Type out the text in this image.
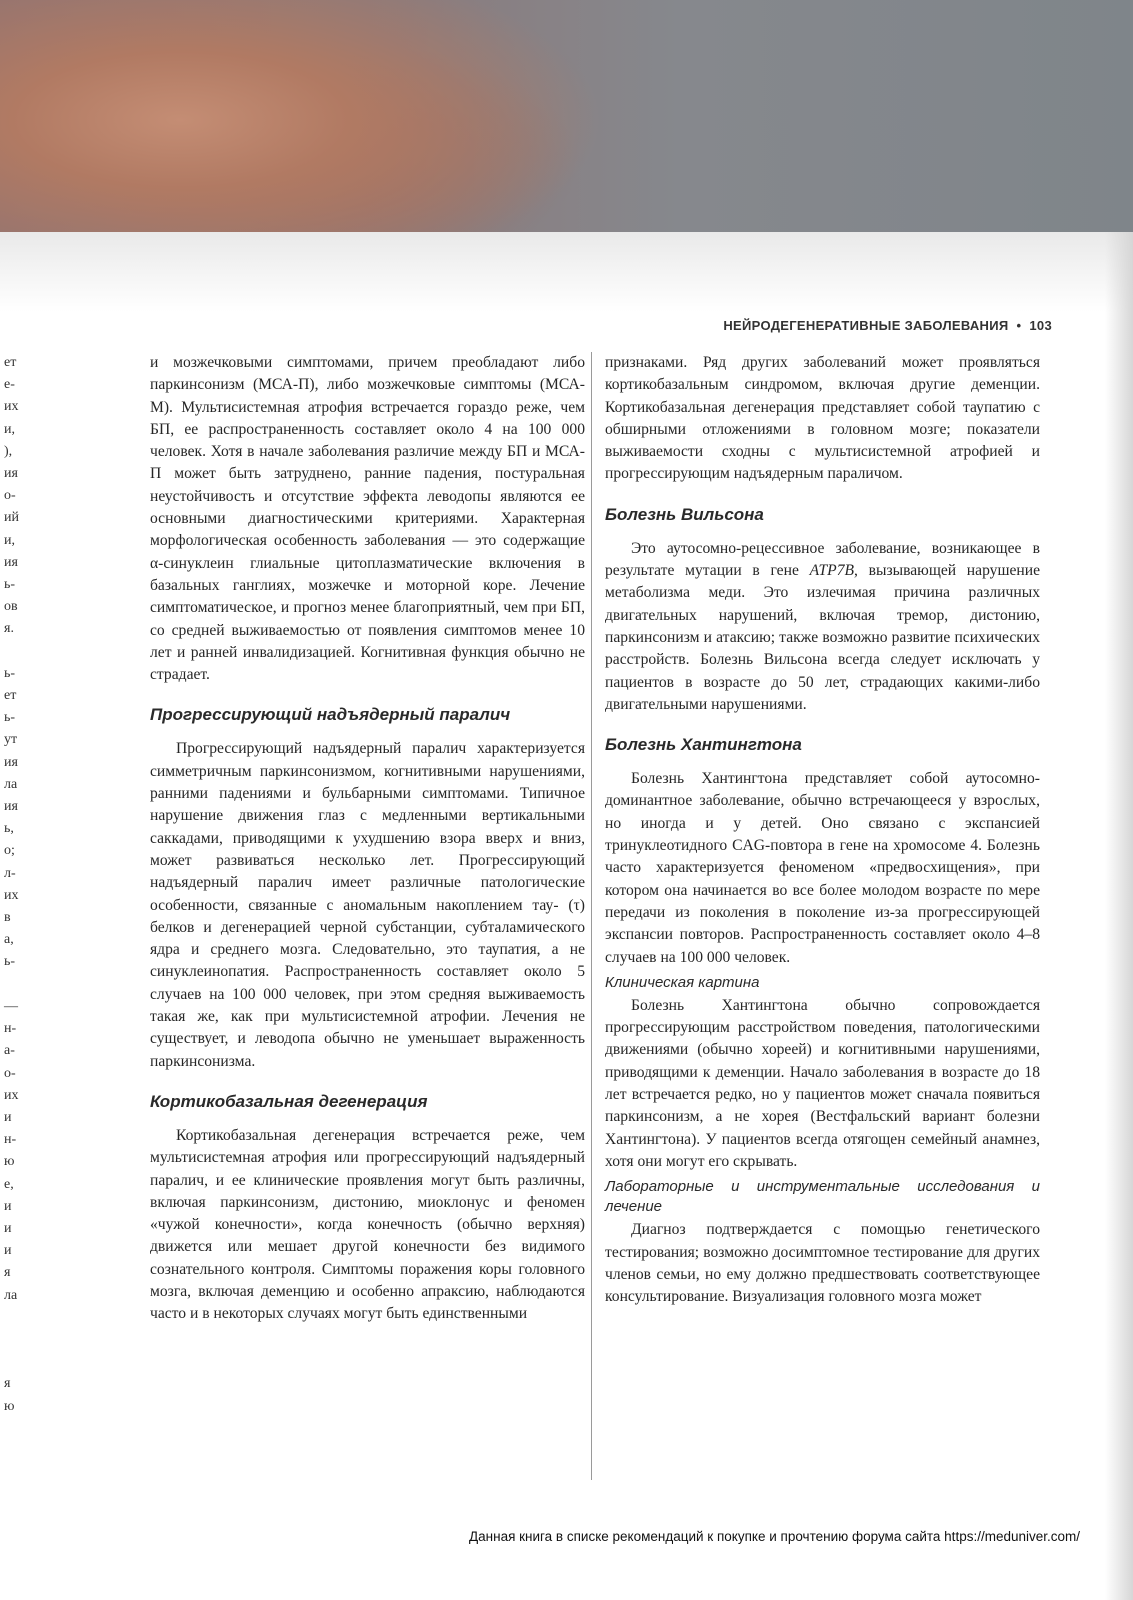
НЕЙРОДЕГЕНЕРАТИВНЫЕ ЗАБОЛЕВАНИЯ • 103
ет
е-
их
и,
),
ия
о-
ий
и,
ия
ь-
ов
я.

ь-
ет
ь-
ут
ия
ла
ия
ь,
о;
л-
их
в
а,
ь-

—
н-
а-
о-
их
и
н-
ю
е,
и
и
и
я
ла

я
ю

и мозжечковыми симптомами, причем преобладают либо паркинсонизм (МСА-П), либо мозжечковые симптомы (МСА-М). Мультисистемная атрофия встречается гораздо реже, чем БП, ее распространенность составляет около 4 на 100 000 человек. Хотя в начале заболевания различие между БП и МСА-П может быть затруднено, ранние падения, постуральная неустойчивость и отсутствие эффекта леводопы являются ее основными диагностическими критериями. Характерная морфологическая особенность заболевания — это содержащие α-синуклеин глиальные цитоплазматические включения в базальных ганглиях, мозжечке и моторной коре. Лечение симптоматическое, и прогноз менее благоприятный, чем при БП, со средней выживаемостью от появления симптомов менее 10 лет и ранней инвалидизацией. Когнитивная функция обычно не страдает.

Прогрессирующий надъядерный паралич

Прогрессирующий надъядерный паралич характеризуется симметричным паркинсонизмом, когнитивными нарушениями, ранними падениями и бульбарными симптомами. Типичное нарушение движения глаз с медленными вертикальными саккадами, приводящими к ухудшению взора вверх и вниз, может развиваться несколько лет. Прогрессирующий надъядерный паралич имеет различные патологические особенности, связанные с аномальным накоплением тау- (τ) белков и дегенерацией черной субстанции, субталамического ядра и среднего мозга. Следовательно, это таупатия, а не синуклеинопатия. Распространенность составляет около 5 случаев на 100 000 человек, при этом средняя выживаемость такая же, как при мультисистемной атрофии. Лечения не существует, и леводопа обычно не уменьшает выраженность паркинсонизма.

Кортикобазальная дегенерация

Кортикобазальная дегенерация встречается реже, чем мультисистемная атрофия или прогрессирующий надъядерный паралич, и ее клинические проявления могут быть различны, включая паркинсонизм, дистонию, миоклонус и феномен «чужой конечности», когда конечность (обычно верхняя) движется или мешает другой конечности без видимого сознательного контроля. Симптомы поражения коры головного мозга, включая деменцию и особенно апраксию, наблюдаются часто и в некоторых случаях могут быть единственными

признаками. Ряд других заболеваний может проявляться кортикобазальным синдромом, включая другие деменции. Кортикобазальная дегенерация представляет собой таупатию с обширными отложениями в головном мозге; показатели выживаемости сходны с мультисистемной атрофией и прогрессирующим надъядерным параличом.

Болезнь Вильсона

Это аутосомно-рецессивное заболевание, возникающее в результате мутации в гене ATP7B, вызывающей нарушение метаболизма меди. Это излечимая причина различных двигательных нарушений, включая тремор, дистонию, паркинсонизм и атаксию; также возможно развитие психических расстройств. Болезнь Вильсона всегда следует исключать у пациентов в возрасте до 50 лет, страдающих какими-либо двигательными нарушениями.

Болезнь Хантингтона

Болезнь Хантингтона представляет собой аутосомно-доминантное заболевание, обычно встречающееся у взрослых, но иногда и у детей. Оно связано с экспансией тринуклеотидного CAG-повтора в гене на хромосоме 4. Болезнь часто характеризуется феноменом «предвосхищения», при котором она начинается во все более молодом возрасте по мере передачи из поколения в поколение из-за прогрессирующей экспансии повторов. Распространенность составляет около 4–8 случаев на 100 000 человек.

Клиническая картина

Болезнь Хантингтона обычно сопровождается прогрессирующим расстройством поведения, патологическими движениями (обычно хореей) и когнитивными нарушениями, приводящими к деменции. Начало заболевания в возрасте до 18 лет встречается редко, но у пациентов может сначала появиться паркинсонизм, а не хорея (Вестфальский вариант болезни Хантингтона). У пациентов всегда отягощен семейный анамнез, хотя они могут его скрывать.

Лабораторные и инструментальные исследования и лечение

Диагноз подтверждается с помощью генетического тестирования; возможно досимптомное тестирование для других членов семьи, но ему должно предшествовать соответствующее консультирование. Визуализация головного мозга может

Данная книга в списке рекомендаций к покупке и прочтению форума сайта https://meduniver.com/
